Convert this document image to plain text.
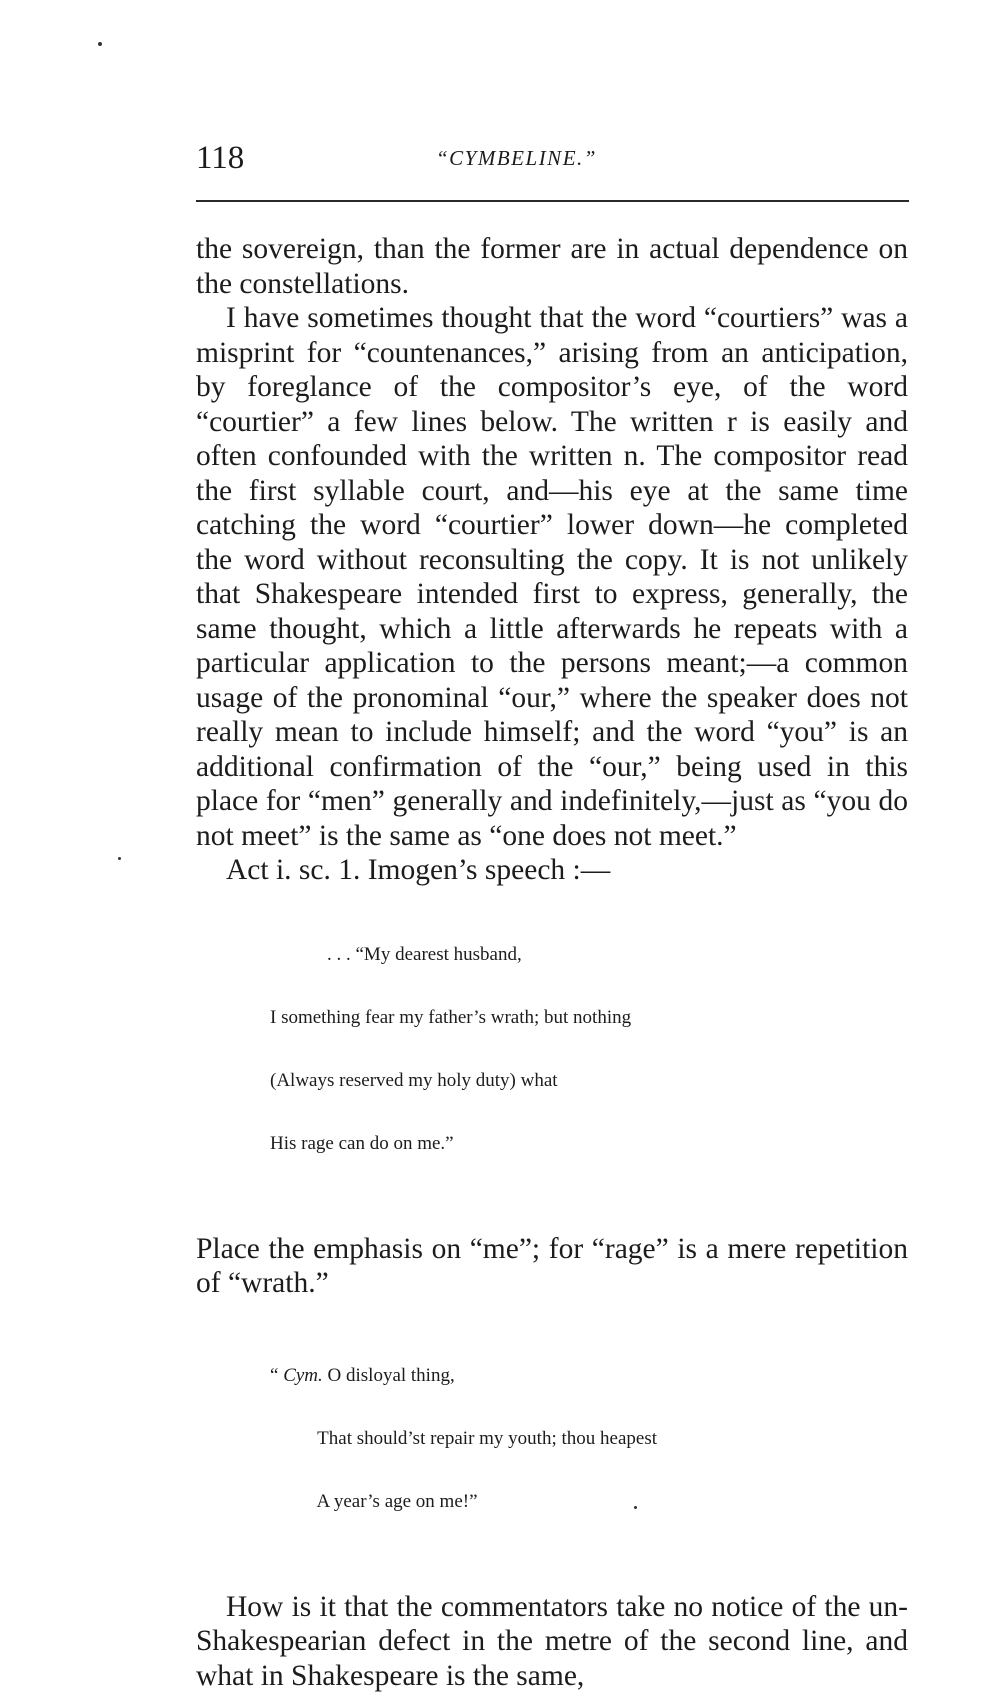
118	“CYMBELINE.”

the sovereign, than the former are in actual dependence on the constellations.

I have sometimes thought that the word “courtiers” was a misprint for “countenances,” arising from an anticipation, by foreglance of the compositor’s eye, of the word “courtier” a few lines below. The written r is easily and often confounded with the written n. The compositor read the first syllable court, and—his eye at the same time catching the word “courtier” lower down—he completed the word without reconsulting the copy. It is not unlikely that Shakespeare intended first to express, generally, the same thought, which a little afterwards he repeats with a particular application to the persons meant;—a common usage of the pronominal “our,” where the speaker does not really mean to include himself; and the word “you” is an additional confirmation of the “our,” being used in this place for “men” generally and indefinitely,—just as “you do not meet” is the same as “one does not meet.”

Act i. sc. 1. Imogen’s speech :—

. . . “My dearest husband,

I something fear my father’s wrath; but nothing

(Always reserved my holy duty) what

His rage can do on me.”

Place the emphasis on “me”; for “rage” is a mere repetition of “wrath.”

“ Cym. O disloyal thing,

That should’st repair my youth; thou heapest

A year’s age on me!”

How is it that the commentators take no notice of the un-Shakespearian defect in the metre of the second line, and what in Shakespeare is the same,
